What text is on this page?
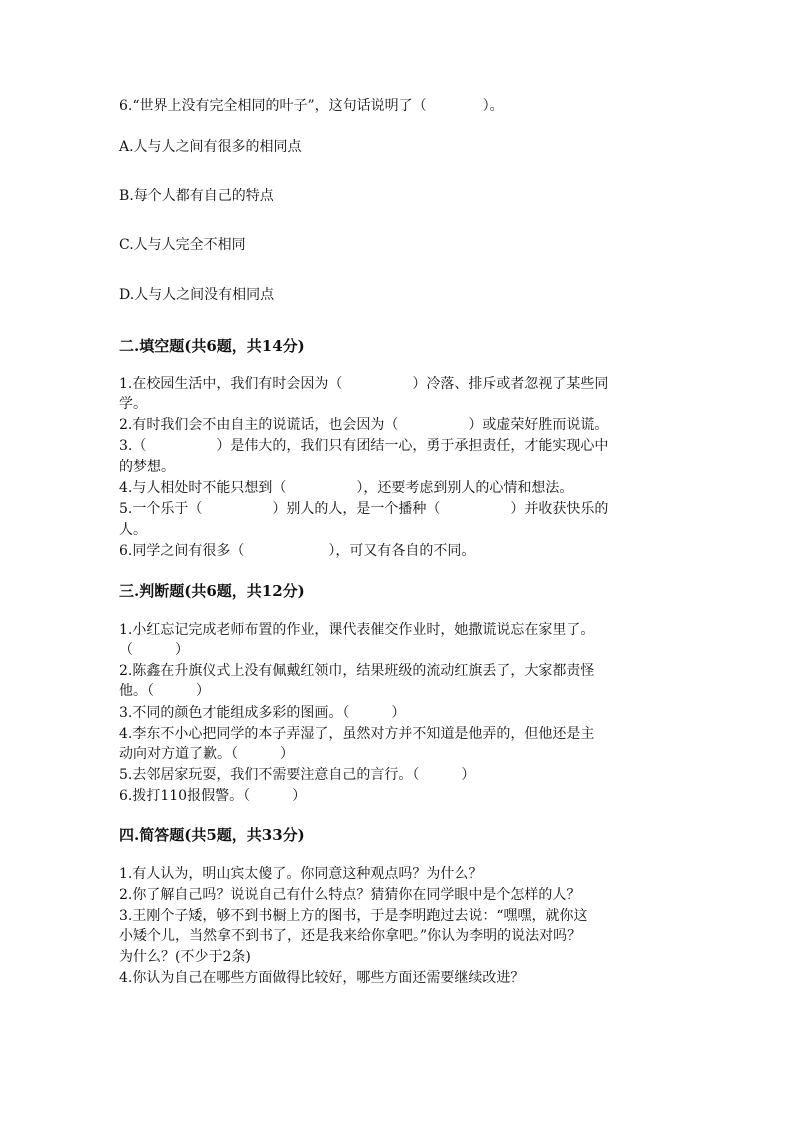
6.“世界上没有完全相同的叶子”，这句话说明了（　　　　）。
A.人与人之间有很多的相同点
B.每个人都有自己的特点
C.人与人完全不相同
D.人与人之间没有相同点
二.填空题(共6题，共14分)
1.在校园生活中，我们有时会因为（　　　　　）冷落、排斥或者忽视了某些同
学。
2.有时我们会不由自主的说谎话，也会因为（　　　　　）或虚荣好胜而说谎。
3.（　　　　　）是伟大的，我们只有团结一心，勇于承担责任，才能实现心中
的梦想。
4.与人相处时不能只想到（　　　　　），还要考虑到别人的心情和想法。
5.一个乐于（　　　　　）别人的人，是一个播种（　　　　　）并收获快乐的
人。
6.同学之间有很多（　　　　　　），可又有各自的不同。
三.判断题(共6题，共12分)
1.小红忘记完成老师布置的作业，课代表催交作业时，她撒谎说忘在家里了。
（　　　）
2.陈鑫在升旗仪式上没有佩戴红领巾，结果班级的流动红旗丢了，大家都责怪
他。（　　　）
3.不同的颜色才能组成多彩的图画。（　　　）
4.李东不小心把同学的本子弄湿了，虽然对方并不知道是他弄的，但他还是主
动向对方道了歉。（　　　）
5.去邻居家玩耍，我们不需要注意自己的言行。（　　　）
6.拨打110报假警。（　　　）
四.简答题(共5题，共33分)
1.有人认为，明山宾太傻了。你同意这种观点吗？为什么？
2.你了解自己吗？说说自己有什么特点？猜猜你在同学眼中是个怎样的人？
3.王刚个子矮，够不到书橱上方的图书，于是李明跑过去说：“嘿嘿，就你这
小矮个儿，当然拿不到书了，还是我来给你拿吧。”你认为李明的说法对吗？
为什么？(不少于2条)
4.你认为自己在哪些方面做得比较好，哪些方面还需要继续改进？
